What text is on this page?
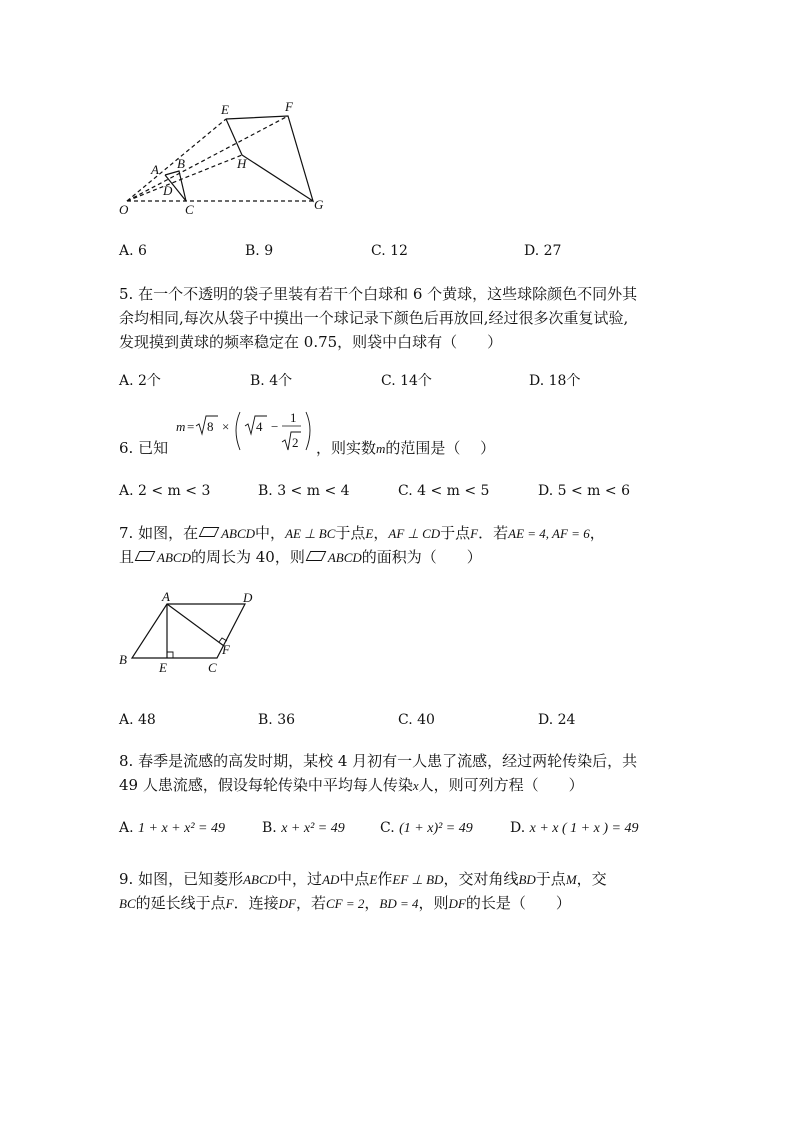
E	F
H
A B
D
O	C	G
A. 6	B. 9	C. 12	D. 27
5. 在一个不透明的袋子里装有若干个白球和 6 个黄球，这些球除颜色不同外其
余均相同,每次从袋子中摸出一个球记录下颜色后再放回,经过很多次重复试验,
发现摸到黄球的频率稳定在 0.75，则袋中白球有（　　）
A. 2个	B. 4个	C. 14个	D. 18个
6. 已知
m = 8 × 4 −
1
2 ，则实数m的范围是（　 ）
A. 2 < m < 3	B. 3 < m < 4	C. 4 < m < 5	D. 5 < m < 6
7. 如图，在 ABCD中，AE ⊥ BC于点E，AF ⊥ CD于点F．若AE = 4, AF = 6，
且 ABCD的周长为 40，则 ABCD的面积为（　　）
A	D
B
E	C
F
A. 48	B. 36	C. 40	D. 24
8. 春季是流感的高发时期，某校 4 月初有一人患了流感，经过两轮传染后，共
49 人患流感，假设每轮传染中平均每人传染x人，则可列方程（　　）
A. 1 + x + x² = 49	B. x + x² = 49	C. (1 + x)² = 49	D. x + x ( 1 + x ) = 49
9. 如图，已知菱形ABCD中，过AD中点E作EF ⊥ BD，交对角线BD于点M，交
BC的延长线于点F．连接DF，若CF = 2，BD = 4，则DF的长是（　　）
